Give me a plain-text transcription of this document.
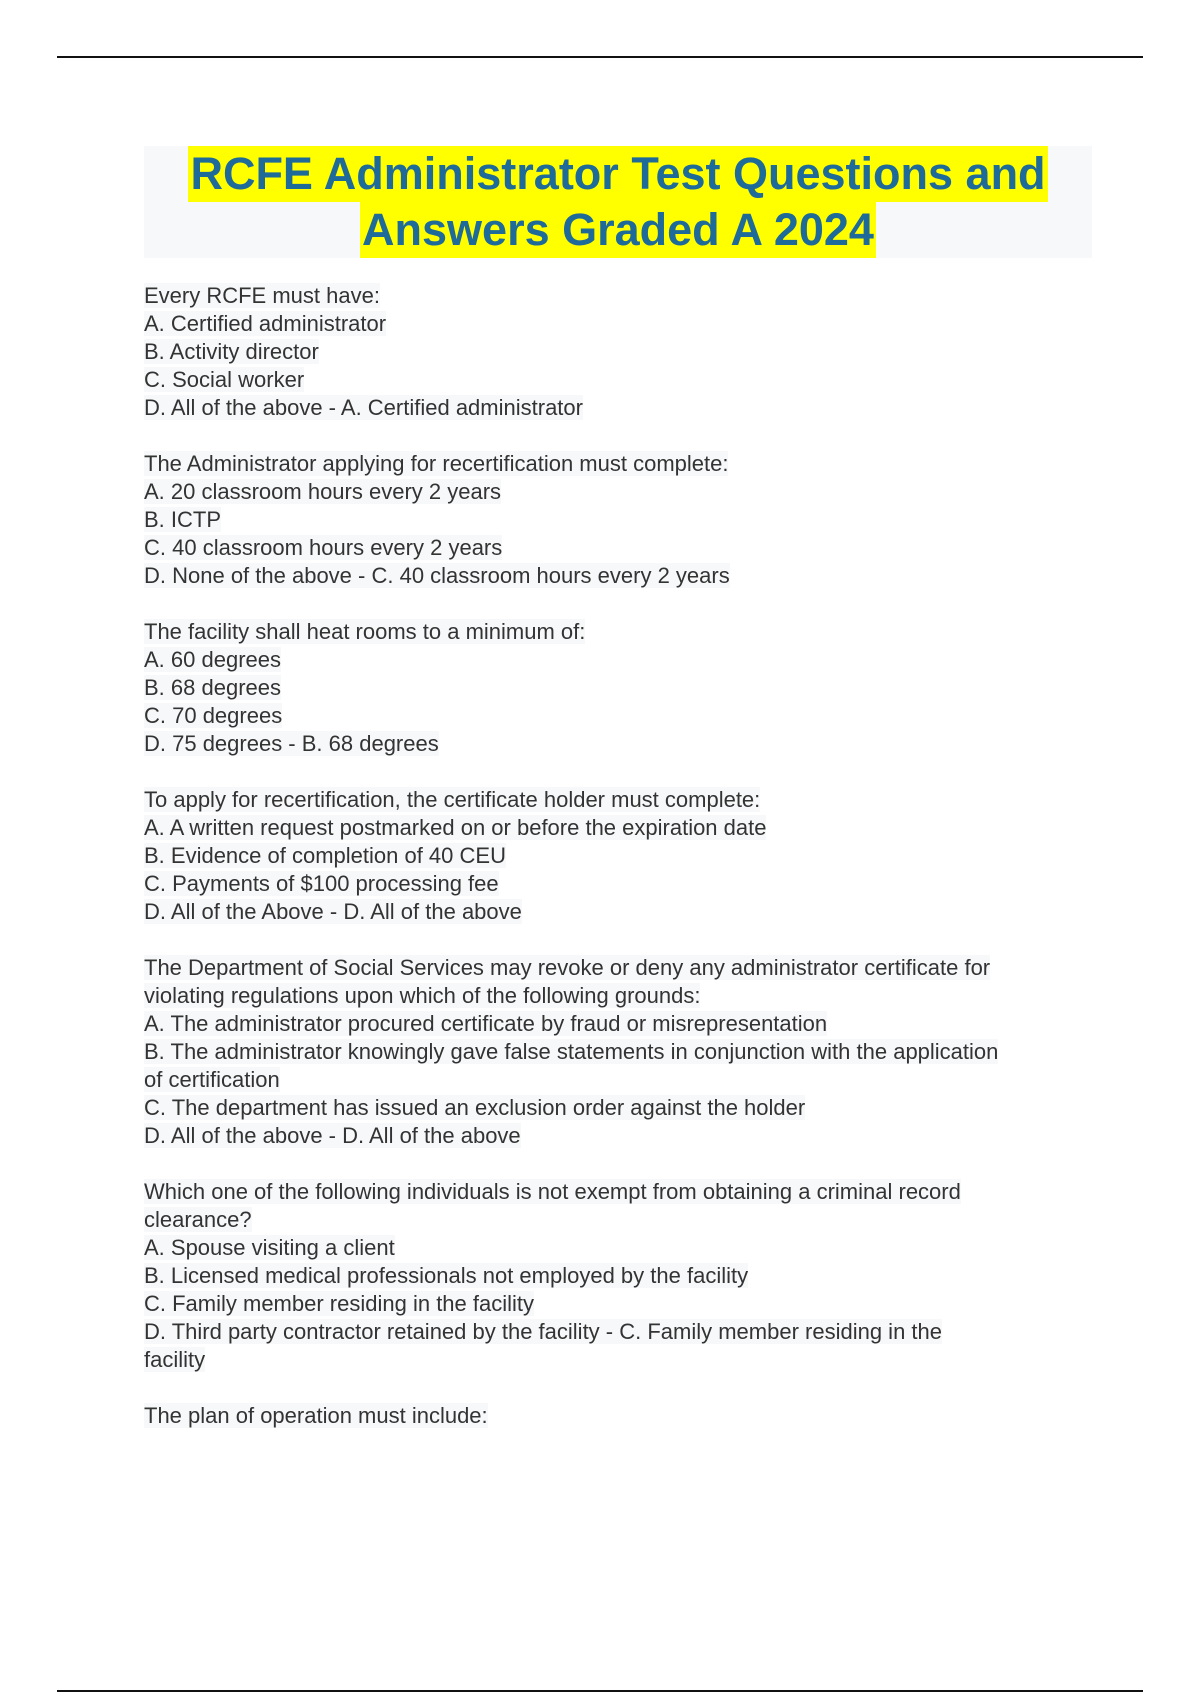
RCFE Administrator Test Questions and
Answers Graded A 2024
Every RCFE must have:
A. Certified administrator
B. Activity director
C. Social worker
D. All of the above - A. Certified administrator
The Administrator applying for recertification must complete:
A. 20 classroom hours every 2 years
B. ICTP
C. 40 classroom hours every 2 years
D. None of the above - C. 40 classroom hours every 2 years
The facility shall heat rooms to a minimum of:
A. 60 degrees
B. 68 degrees
C. 70 degrees
D. 75 degrees - B. 68 degrees
To apply for recertification, the certificate holder must complete:
A. A written request postmarked on or before the expiration date
B. Evidence of completion of 40 CEU
C. Payments of $100 processing fee
D. All of the Above - D. All of the above
The Department of Social Services may revoke or deny any administrator certificate for
violating regulations upon which of the following grounds:
A. The administrator procured certificate by fraud or misrepresentation
B. The administrator knowingly gave false statements in conjunction with the application
of certification
C. The department has issued an exclusion order against the holder
D. All of the above - D. All of the above
Which one of the following individuals is not exempt from obtaining a criminal record
clearance?
A. Spouse visiting a client
B. Licensed medical professionals not employed by the facility
C. Family member residing in the facility
D. Third party contractor retained by the facility - C. Family member residing in the
facility
The plan of operation must include:
